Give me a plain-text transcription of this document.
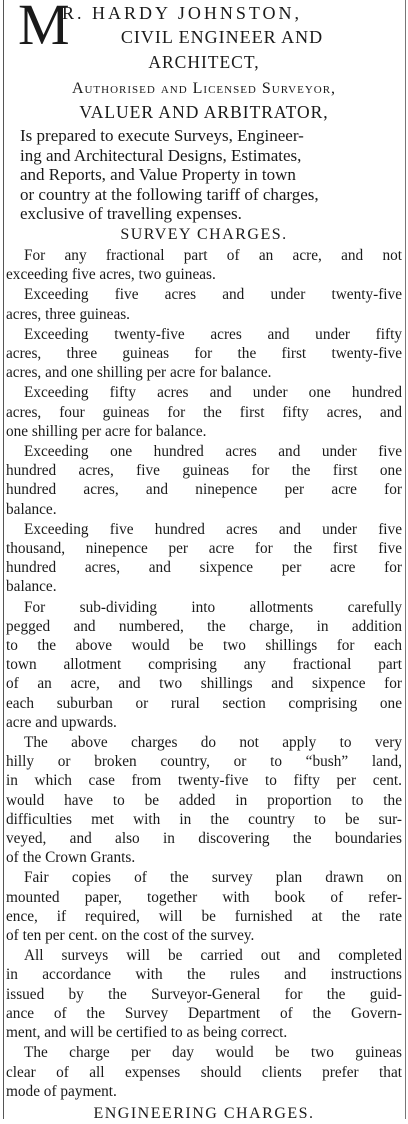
M
R. HARDY JOHNSTON,
CIVIL ENGINEER AND
ARCHITECT,
Authorised and Licensed Surveyor,
VALUER AND ARBITRATOR,
Is prepared to execute Surveys, Engineer-
ing and Architectural Designs, Estimates,
and Reports, and Value Property in town
or country at the following tariff of charges,
exclusive of travelling expenses.
SURVEY CHARGES.
For any fractional part of an acre, and not
exceeding five acres, two guineas.
Exceeding five acres and under twenty-five
acres, three guineas.
Exceeding twenty-five acres and under fifty
acres, three guineas for the first twenty-five
acres, and one shilling per acre for balance.
Exceeding fifty acres and under one hundred
acres, four guineas for the first fifty acres, and
one shilling per acre for balance.
Exceeding one hundred acres and under five
hundred acres, five guineas for the first one
hundred acres, and ninepence per acre for
balance.
Exceeding five hundred acres and under five
thousand, ninepence per acre for the first five
hundred acres, and sixpence per acre for
balance.
For sub-dividing into allotments carefully
pegged and numbered, the charge, in addition
to the above would be two shillings for each
town allotment comprising any fractional part
of an acre, and two shillings and sixpence for
each suburban or rural section comprising one
acre and upwards.
The above charges do not apply to very
hilly or broken country, or to “bush” land,
in which case from twenty-five to fifty per cent.
would have to be added in proportion to the
difficulties met with in the country to be sur-
veyed, and also in discovering the boundaries
of the Crown Grants.
Fair copies of the survey plan drawn on
mounted paper, together with book of refer-
ence, if required, will be furnished at the rate
of ten per cent. on the cost of the survey.
All surveys will be carried out and completed
in accordance with the rules and instructions
issued by the Surveyor-General for the guid-
ance of the Survey Department of the Govern-
ment, and will be certified to as being correct.
The charge per day would be two guineas
clear of all expenses should clients prefer that
mode of payment.
ENGINEERING CHARGES.
